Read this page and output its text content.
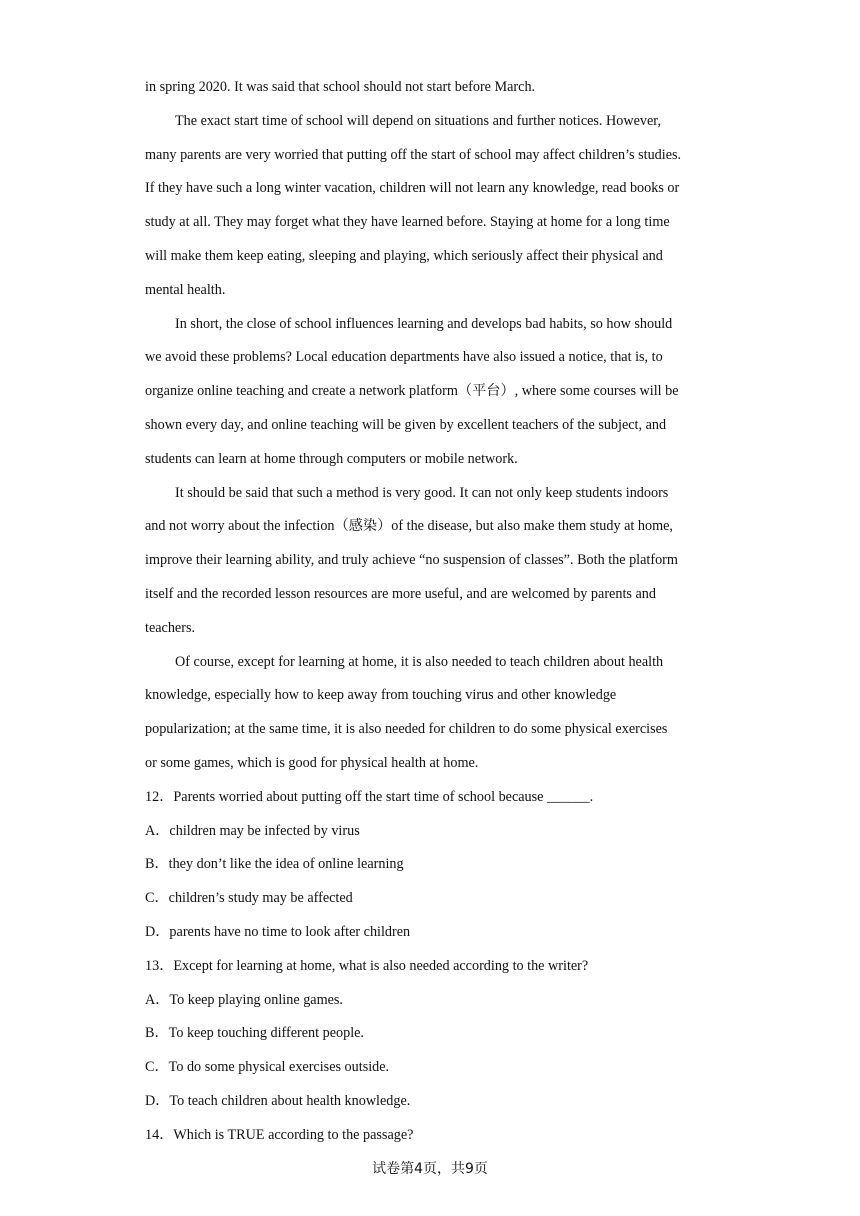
in spring 2020. It was said that school should not start before March.
The exact start time of school will depend on situations and further notices. However,
many parents are very worried that putting off the start of school may affect children’s studies.
If they have such a long winter vacation, children will not learn any knowledge, read books or
study at all. They may forget what they have learned before. Staying at home for a long time
will make them keep eating, sleeping and playing, which seriously affect their physical and
mental health.
In short, the close of school influences learning and develops bad habits, so how should
we avoid these problems? Local education departments have also issued a notice, that is, to
organize online teaching and create a network platform（平台）, where some courses will be
shown every day, and online teaching will be given by excellent teachers of the subject, and
students can learn at home through computers or mobile network.
It should be said that such a method is very good. It can not only keep students indoors
and not worry about the infection（感染）of the disease, but also make them study at home,
improve their learning ability, and truly achieve “no suspension of classes”. Both the platform
itself and the recorded lesson resources are more useful, and are welcomed by parents and
teachers.
Of course, except for learning at home, it is also needed to teach children about health
knowledge, especially how to keep away from touching virus and other knowledge
popularization; at the same time, it is also needed for children to do some physical exercises
or some games, which is good for physical health at home.
12．Parents worried about putting off the start time of school because ______.
A．children may be infected by virus
B．they don’t like the idea of online learning
C．children’s study may be affected
D．parents have no time to look after children
13．Except for learning at home, what is also needed according to the writer?
A．To keep playing online games.
B．To keep touching different people.
C．To do some physical exercises outside.
D．To teach children about health knowledge.
14．Which is TRUE according to the passage?
试卷第4页，共9页
